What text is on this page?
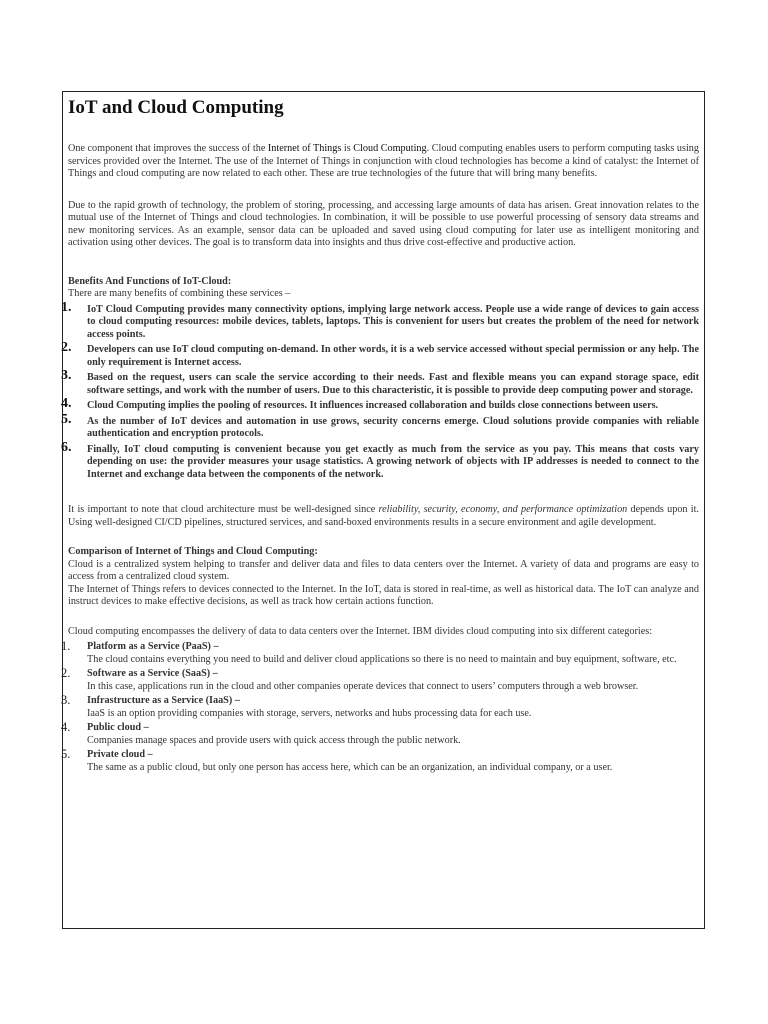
IoT and Cloud Computing

One component that improves the success of the Internet of Things is Cloud Computing. Cloud computing enables users to perform computing tasks using services provided over the Internet. The use of the Internet of Things in conjunction with cloud technologies has become a kind of catalyst: the Internet of Things and cloud computing are now related to each other. These are true technologies of the future that will bring many benefits.

Due to the rapid growth of technology, the problem of storing, processing, and accessing large amounts of data has arisen. Great innovation relates to the mutual use of the Internet of Things and cloud technologies. In combination, it will be possible to use powerful processing of sensory data streams and new monitoring services. As an example, sensor data can be uploaded and saved using cloud computing for later use as intelligent monitoring and activation using other devices. The goal is to transform data into insights and thus drive cost-effective and productive action.

Benefits And Functions of IoT-Cloud:

There are many benefits of combining these services –

1. IoT Cloud Computing provides many connectivity options, implying large network access. People use a wide range of devices to gain access to cloud computing resources: mobile devices, tablets, laptops. This is convenient for users but creates the problem of the need for network access points.
2. Developers can use IoT cloud computing on-demand. In other words, it is a web service accessed without special permission or any help. The only requirement is Internet access.
3. Based on the request, users can scale the service according to their needs. Fast and flexible means you can expand storage space, edit software settings, and work with the number of users. Due to this characteristic, it is possible to provide deep computing power and storage.
4. Cloud Computing implies the pooling of resources. It influences increased collaboration and builds close connections between users.
5. As the number of IoT devices and automation in use grows, security concerns emerge. Cloud solutions provide companies with reliable authentication and encryption protocols.
6. Finally, IoT cloud computing is convenient because you get exactly as much from the service as you pay. This means that costs vary depending on use: the provider measures your usage statistics. A growing network of objects with IP addresses is needed to connect to the Internet and exchange data between the components of the network.

It is important to note that cloud architecture must be well-designed since reliability, security, economy, and performance optimization depends upon it. Using well-designed CI/CD pipelines, structured services, and sand-boxed environments results in a secure environment and agile development.

Comparison of Internet of Things and Cloud Computing:

Cloud is a centralized system helping to transfer and deliver data and files to data centers over the Internet. A variety of data and programs are easy to access from a centralized cloud system.

The Internet of Things refers to devices connected to the Internet. In the IoT, data is stored in real-time, as well as historical data. The IoT can analyze and instruct devices to make effective decisions, as well as track how certain actions function.

Cloud computing encompasses the delivery of data to data centers over the Internet. IBM divides cloud computing into six different categories:

1. Platform as a Service (PaaS) –
The cloud contains everything you need to build and deliver cloud applications so there is no need to maintain and buy equipment, software, etc.
2. Software as a Service (SaaS) –
In this case, applications run in the cloud and other companies operate devices that connect to users’ computers through a web browser.
3. Infrastructure as a Service (IaaS) –
IaaS is an option providing companies with storage, servers, networks and hubs processing data for each use.
4. Public cloud –
Companies manage spaces and provide users with quick access through the public network.
5. Private cloud –
The same as a public cloud, but only one person has access here, which can be an organization, an individual company, or a user.
